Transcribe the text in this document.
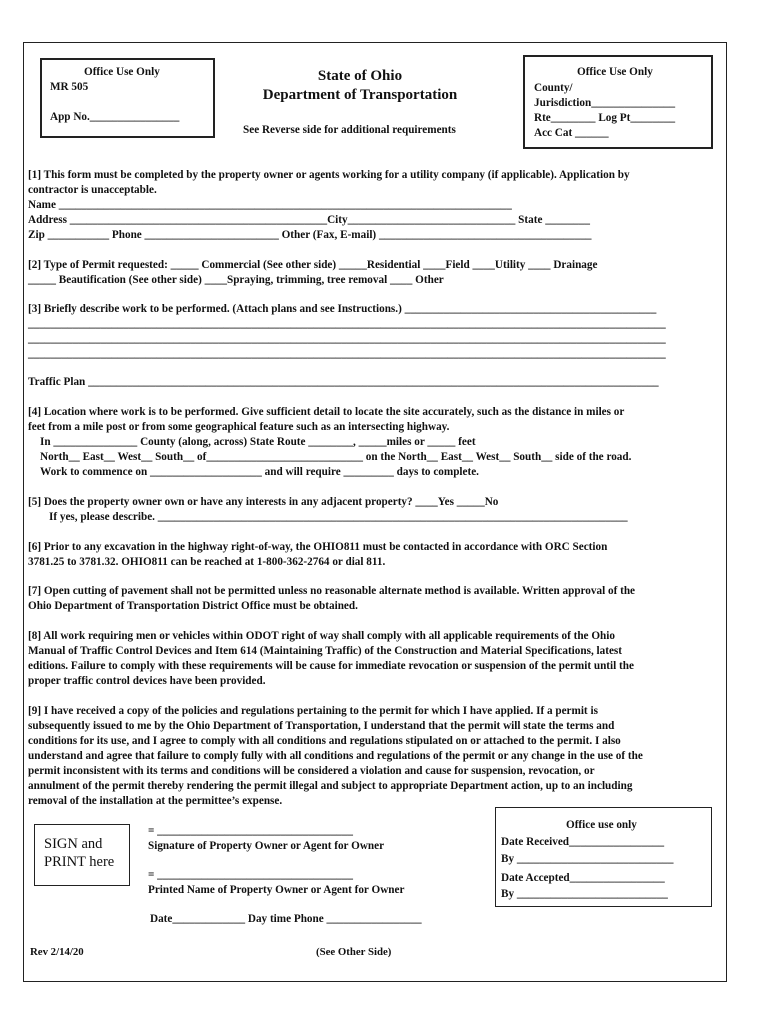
Office Use Only
MR 505
App No.________________
State of Ohio
Department of Transportation
See Reverse side for additional requirements
Office Use Only
County/
Jurisdiction_______________
Rte________ Log Pt________
Acc Cat ______
[1] This form must be completed by the property owner or agents working for a utility company (if applicable). Application by
contractor is unacceptable.
Name _________________________________________________________________________________
Address ______________________________________________City______________________________ State ________
Zip ___________ Phone ________________________ Other (Fax, E-mail) ______________________________________
[2] Type of Permit requested: _____ Commercial (See other side) _____Residential ____Field ____Utility ____ Drainage
_____ Beautification (See other side) ____Spraying, trimming, tree removal ____ Other
[3] Briefly describe work to be performed. (Attach plans and see Instructions.) _____________________________________________
__________________________________________________________________________________________________________________
__________________________________________________________________________________________________________________
__________________________________________________________________________________________________________________
Traffic Plan ______________________________________________________________________________________________________
[4] Location where work is to be performed. Give sufficient detail to locate the site accurately, such as the distance in miles or
feet from a mile post or from some geographical feature such as an intersecting highway.
In _______________ County (along, across) State Route ________, _____miles or _____ feet
North__ East__ West__ South__ of____________________________ on the North__ East__ West__ South__ side of the road.
Work to commence on ____________________ and will require _________ days to complete.
[5] Does the property owner own or have any interests in any adjacent property? ____Yes _____No
If yes, please describe. ____________________________________________________________________________________
[6] Prior to any excavation in the highway right-of-way, the OHIO811 must be contacted in accordance with ORC Section
3781.25 to 3781.32. OHIO811 can be reached at 1-800-362-2764 or dial 811.
[7] Open cutting of pavement shall not be permitted unless no reasonable alternate method is available. Written approval of the
Ohio Department of Transportation District Office must be obtained.
[8] All work requiring men or vehicles within ODOT right of way shall comply with all applicable requirements of the Ohio
Manual of Traffic Control Devices and Item 614 (Maintaining Traffic) of the Construction and Material Specifications, latest
editions. Failure to comply with these requirements will be cause for immediate revocation or suspension of the permit until the
proper traffic control devices have been provided.
[9] I have received a copy of the policies and regulations pertaining to the permit for which I have applied. If a permit is
subsequently issued to me by the Ohio Department of Transportation, I understand that the permit will state the terms and
conditions for its use, and I agree to comply with all conditions and regulations stipulated on or attached to the permit. I also
understand and agree that failure to comply fully with all conditions and regulations of the permit or any change in the use of the
permit inconsistent with its terms and conditions will be considered a violation and cause for suspension, revocation, or
annulment of the permit thereby rendering the permit illegal and subject to appropriate Department action, up to an including
removal of the installation at the permittee’s expense.
SIGN and
PRINT here
= ___________________________________
Signature of Property Owner or Agent for Owner
= ___________________________________
Printed Name of Property Owner or Agent for Owner
Date_____________ Day time Phone _________________
Office use only
Date Received_________________
By ____________________________
Date Accepted_________________
By ___________________________
Rev 2/14/20	(See Other Side)
